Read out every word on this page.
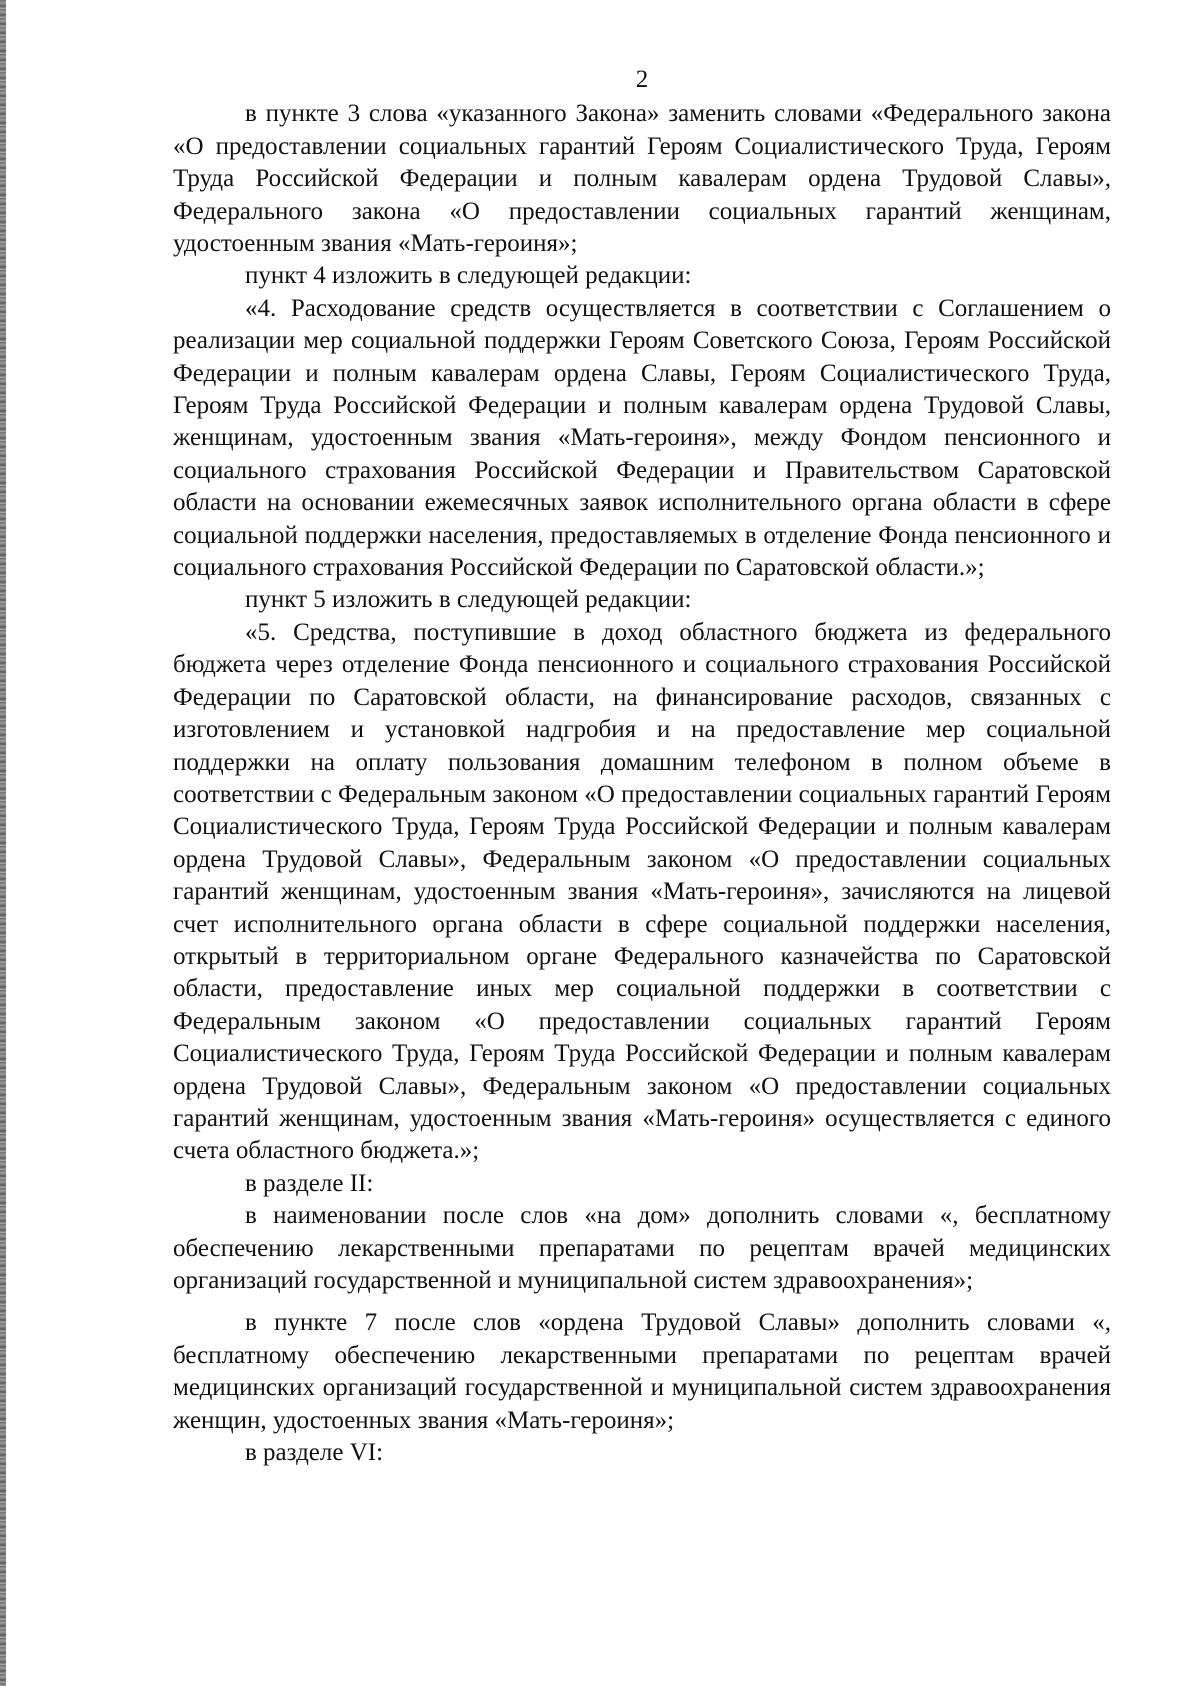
2

в пункте 3 слова «указанного Закона» заменить словами «Федерального закона «О предоставлении социальных гарантий Героям Социалистического Труда, Героям Труда Российской Федерации и полным кавалерам ордена Трудовой Славы», Федерального закона «О предоставлении социальных гарантий женщинам, удостоенным звания «Мать-героиня»;

пункт 4 изложить в следующей редакции:

«4. Расходование средств осуществляется в соответствии с Соглашением о реализации мер социальной поддержки Героям Советского Союза, Героям Российской Федерации и полным кавалерам ордена Славы, Героям Социалистического Труда, Героям Труда Российской Федерации и полным кавалерам ордена Трудовой Славы, женщинам, удостоенным звания «Мать-героиня», между Фондом пенсионного и социального страхования Российской Федерации и Правительством Саратовской области на основании ежемесячных заявок исполнительного органа области в сфере социальной поддержки населения, предоставляемых в отделение Фонда пенсионного и социального страхования Российской Федерации по Саратовской области.»;

пункт 5 изложить в следующей редакции:

«5. Средства, поступившие в доход областного бюджета из федерального бюджета через отделение Фонда пенсионного и социального страхования Российской Федерации по Саратовской области, на финансирование расходов, связанных с изготовлением и установкой надгробия и на предоставление мер социальной поддержки на оплату пользования домашним телефоном в полном объеме в соответствии с Федеральным законом «О предоставлении социальных гарантий Героям Социалистического Труда, Героям Труда Российской Федерации и полным кавалерам ордена Трудовой Славы», Федеральным законом «О предоставлении социальных гарантий женщинам, удостоенным звания «Мать-героиня», зачисляются на лицевой счет исполнительного органа области в сфере социальной поддержки населения, открытый в территориальном органе Федерального казначейства по Саратовской области, предоставление иных мер социальной поддержки в соответствии с Федеральным законом «О предоставлении социальных гарантий Героям Социалистического Труда, Героям Труда Российской Федерации и полным кавалерам ордена Трудовой Славы», Федеральным законом «О предоставлении социальных гарантий женщинам, удостоенным звания «Мать-героиня» осуществляется с единого счета областного бюджета.»;

в разделе II:

в наименовании после слов «на дом» дополнить словами «, бесплатному обеспечению лекарственными препаратами по рецептам врачей медицинских организаций государственной и муниципальной систем здравоохранения»;

в пункте 7 после слов «ордена Трудовой Славы» дополнить словами «, бесплатному обеспечению лекарственными препаратами по рецептам врачей медицинских организаций государственной и муниципальной систем здравоохранения женщин, удостоенных звания «Мать-героиня»;

в разделе VI:
